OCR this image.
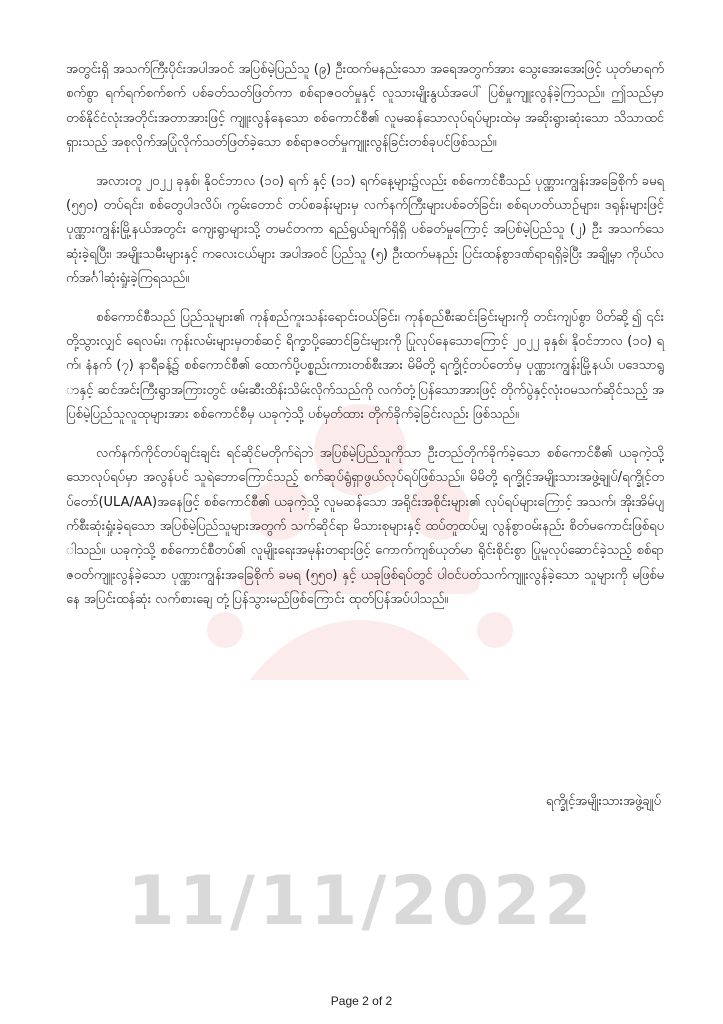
အတွင်းရှိ အသက်ကြီးပိုင်းအပါအဝင် အပြစ်မဲ့ပြည်သူ (၉) ဦးထက်မနည်းသော အရေအတွက်အား သွေးအေးအေးဖြင့် ယုတ်မာရက်စက်စွာ ရက်ရက်စက်စက် ပစ်ခတ်သတ်ဖြတ်ကာ စစ်ရာဇဝတ်မှုနှင့် လူသားမျိုးနွယ်အပေါ် ပြစ်မှုကျူးလွန်ခဲ့ကြသည်။ ဤသည်မှာ တစ်နိုင်ငံလုံးအတိုင်းအတာအားဖြင့် ကျူးလွန်နေသော စစ်ကောင်စီ၏ လူမဆန်သောလုပ်ရပ်များထဲမှ အဆိုးရွားဆုံးသော သိသာထင်ရှားသည့် အစုလိုက်အပြုံလိုက်သတ်ဖြတ်ခဲ့သော စစ်ရာဇဝတ်မှုကျူးလွန်ခြင်းတစ်ခုပင်ဖြစ်သည်။

အလားတူ ၂၀၂၂ ခုနှစ်၊ နိုဝင်ဘာလ (၁၀) ရက် နှင့် (၁၁) ရက်နေ့များ၌လည်း စစ်ကောင်စီသည် ပုဏ္ဏားကျွန်းအခြေစိုက် ခမရ (၅၅၀) တပ်ရင်း၊ စစ်တွေပါဒလိပ်၊ ကွမ်းတောင် တပ်စခန်းများမှ လက်နက်ကြီးများပစ်ခတ်ခြင်း၊ စစ်ရဟတ်ယာဉ်များ၊ ဒရုန်းများဖြင့် ပုဏ္ဏားကျွန်းမြို့နယ်အတွင်း ကျေးရွာများသို့ တမင်တကာ ရည်ရွယ်ချက်ရှိရှိ ပစ်ခတ်မှုကြောင့် အပြစ်မဲ့ပြည်သူ (၂) ဦး အသက်သေဆုံးခဲ့ရပြီး၊ အမျိုးသမီးများနှင့် ကလေးငယ်များ အပါအဝင် ပြည်သူ (၅) ဦးထက်မနည်း ပြင်းထန်စွာဒဏ်ရာရရှိခဲ့ပြီး အချို့မှာ ကိုယ်လက်အင်္ဂါဆုံးရှုံးခဲ့ကြရသည်။

စစ်ကောင်စီသည် ပြည်သူများ၏ ကုန်စည်ကူးသန်းရောင်းဝယ်ခြင်း၊ ကုန်စည်စီးဆင်းခြင်းများကို တင်းကျပ်စွာ ပိတ်ဆို့၍ ၎င်းတို့သွားလျှင် ရေလမ်း၊ ကုန်းလမ်းများမှတစ်ဆင့် ရိက္ခာပို့ဆောင်ခြင်းများကို ပြုလုပ်နေသောကြောင့် ၂၀၂၂ ခုနှစ်၊ နိုဝင်ဘာလ (၁၀) ရက်၊ နံနက် (၇) နာရီခန့်၌ စစ်ကောင်စီ၏ ထောက်ပို့ပစ္စည်းကားတစ်စီးအား မိမိတို့ ရက္ခိုင့်တပ်တော်မှ ပုဏ္ဏားကျွန်းမြို့နယ်၊ ပဒေသာရွာနှင့် ဆင်အင်းကြီးရွာအကြားတွင် ဖမ်းဆီးထိန်းသိမ်းလိုက်သည်ကို လက်တုံ့ပြန်သောအားဖြင့် တိုက်ပွဲနှင့်လုံးဝမသက်ဆိုင်သည့် အပြစ်မဲ့ပြည်သူလူထုများအား စစ်ကောင်စီမှ ယခုကဲ့သို့ ပစ်မှတ်ထား တိုက်ခိုက်ခဲ့ခြင်းလည်း ဖြစ်သည်။

လက်နက်ကိုင်တပ်ချင်းချင်း ရင်ဆိုင်မတိုက်ရဲဘဲ အပြစ်မဲ့ပြည်သူကိုသာ ဦးတည်တိုက်ခိုက်ခဲ့သော စစ်ကောင်စီ၏ ယခုကဲ့သို့သောလုပ်ရပ်မှာ အလွန်ပင် သူရဲဘောကြောင်သည့် စက်ဆုပ်ရွံရှာဖွယ်လုပ်ရပ်ဖြစ်သည်။ မိမိတို့ ရက္ခိုင့်အမျိုးသားအဖွဲ့ချုပ်/ရက္ခိုင့်တပ်တော်(ULA/AA)အနေဖြင့် စစ်ကောင်စီ၏ ယခုကဲ့သို့ လူမဆန်သော အရိုင်းအစိုင်းများ၏ လုပ်ရပ်များကြောင့် အသက်၊ အိုးအိမ်ပျက်စီးဆုံးရှုံးခဲ့ရသော အပြစ်မဲ့ပြည်သူများအတွက် သက်ဆိုင်ရာ မိသားစုများနှင့် ထပ်တူထပ်မျှ လွန်စွာဝမ်းနည်း စိတ်မကောင်းဖြစ်ရပါသည်။ ယခုကဲ့သို့ စစ်ကောင်စီတပ်၏ လူမျိုးရေးအမုန်းတရားဖြင့် ကောက်ကျစ်ယုတ်မာ ရိုင်းစိုင်းစွာ ပြုမူလုပ်ဆောင်ခဲ့သည့် စစ်ရာဇဝတ်ကျူးလွန်ခဲ့သော ပုဏ္ဏားကျွန်းအခြေစိုက် ခမရ (၅၅၀) နှင့် ယခုဖြစ်ရပ်တွင် ပါဝင်ပတ်သက်ကျူးလွန်ခဲ့သော သူများကို မဖြစ်မနေ အပြင်းထန်ဆုံး လက်စားချေ တုံ့ပြန်သွားမည်ဖြစ်ကြောင်း ထုတ်ပြန်အပ်ပါသည်။

ရက္ခိုင့်အမျိုးသားအဖွဲ့ချုပ်
11/11/2022
Page 2 of 2
